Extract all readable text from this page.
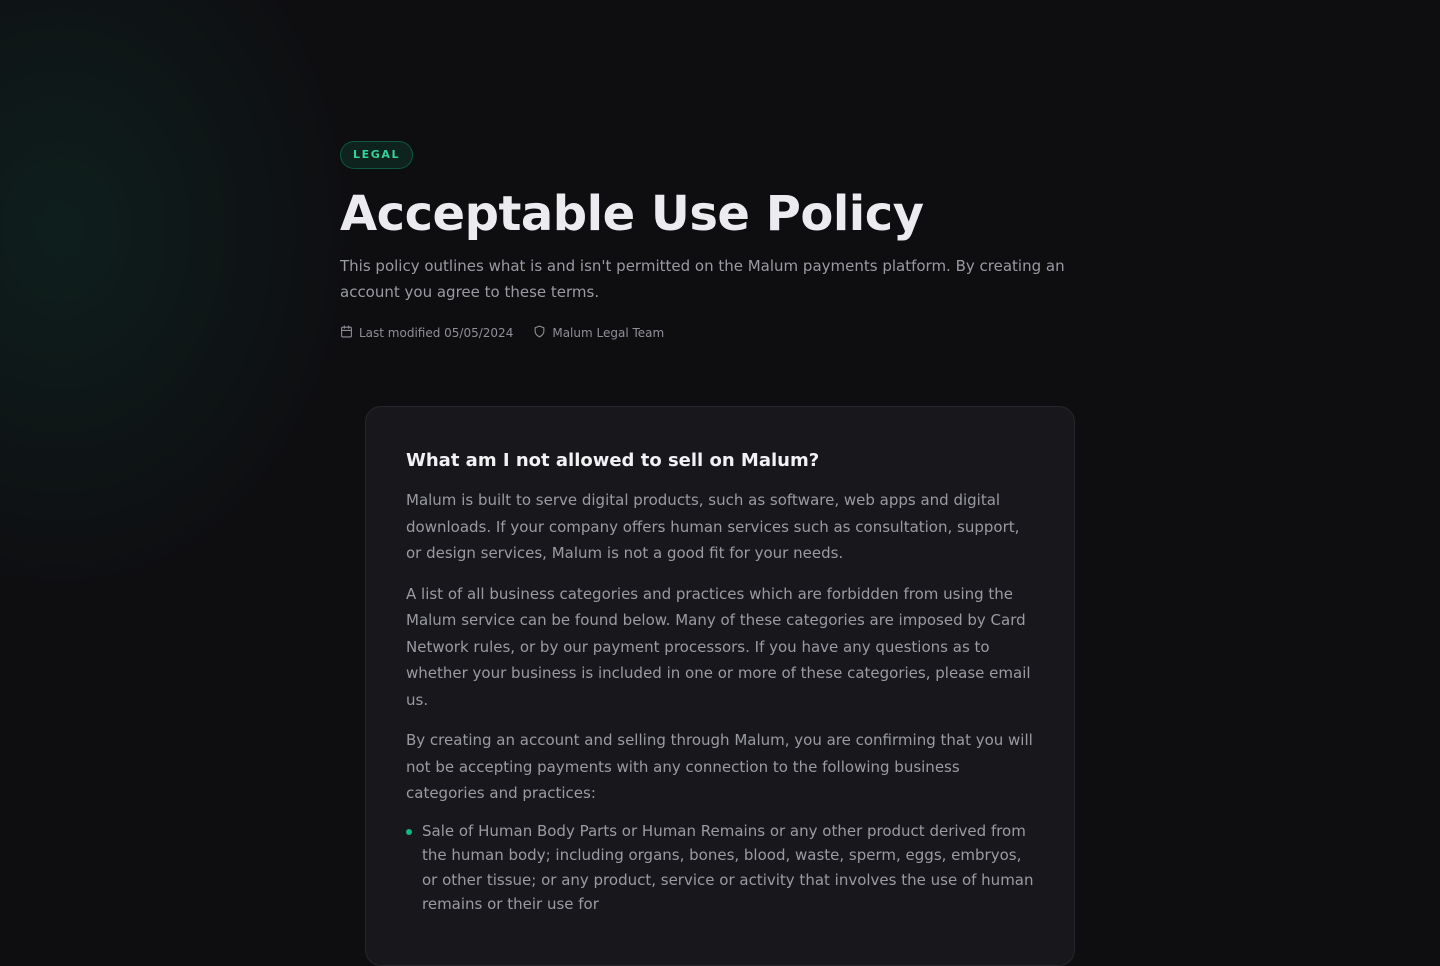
LEGAL
Acceptable Use Policy

This policy outlines what is and isn't permitted on the Malum payments platform. By creating an account you agree to these terms.

Last modified 05/05/2024	Malum Legal Team
What am I not allowed to sell on Malum?

Malum is built to serve digital products, such as software, web apps and digital downloads. If your company offers human services such as consultation, support, or design services, Malum is not a good fit for your needs.

A list of all business categories and practices which are forbidden from using the Malum service can be found below. Many of these categories are imposed by Card Network rules, or by our payment processors. If you have any questions as to whether your business is included in one or more of these categories, please email us.

By creating an account and selling through Malum, you are confirming that you will not be accepting payments with any connection to the following business categories and practices:

Sale of Human Body Parts or Human Remains or any other product derived from the human body; including organs, bones, blood, waste, sperm, eggs, embryos, or other tissue; or any product, service or activity that involves the use of human remains or their use for
